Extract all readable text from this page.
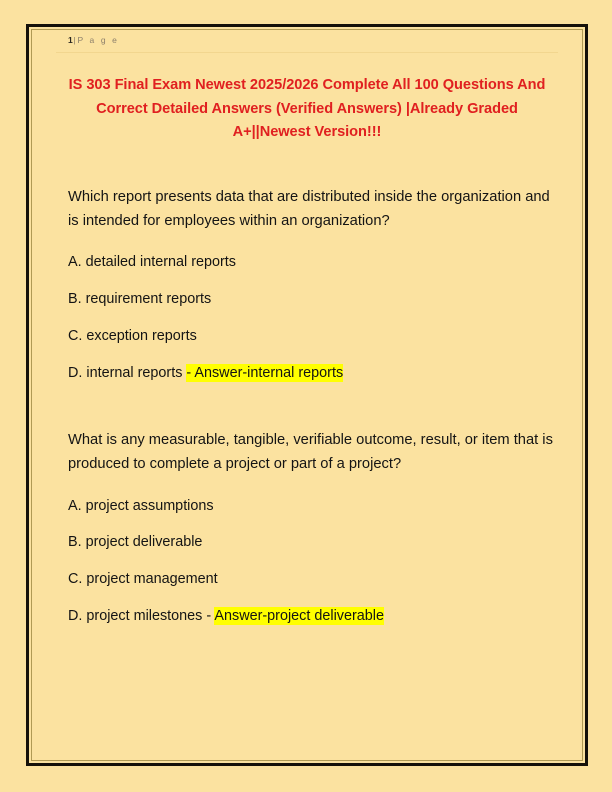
1|P a g e
IS 303 Final Exam Newest 2025/2026 Complete All 100 Questions And Correct Detailed Answers (Verified Answers) |Already Graded A+||Newest Version!!!

Which report presents data that are distributed inside the organization and is intended for employees within an organization?

A. detailed internal reports
B. requirement reports
C. exception reports
D. internal reports - Answer-internal reports

What is any measurable, tangible, verifiable outcome, result, or item that is produced to complete a project or part of a project?

A. project assumptions
B. project deliverable
C. project management
D. project milestones - Answer-project deliverable
